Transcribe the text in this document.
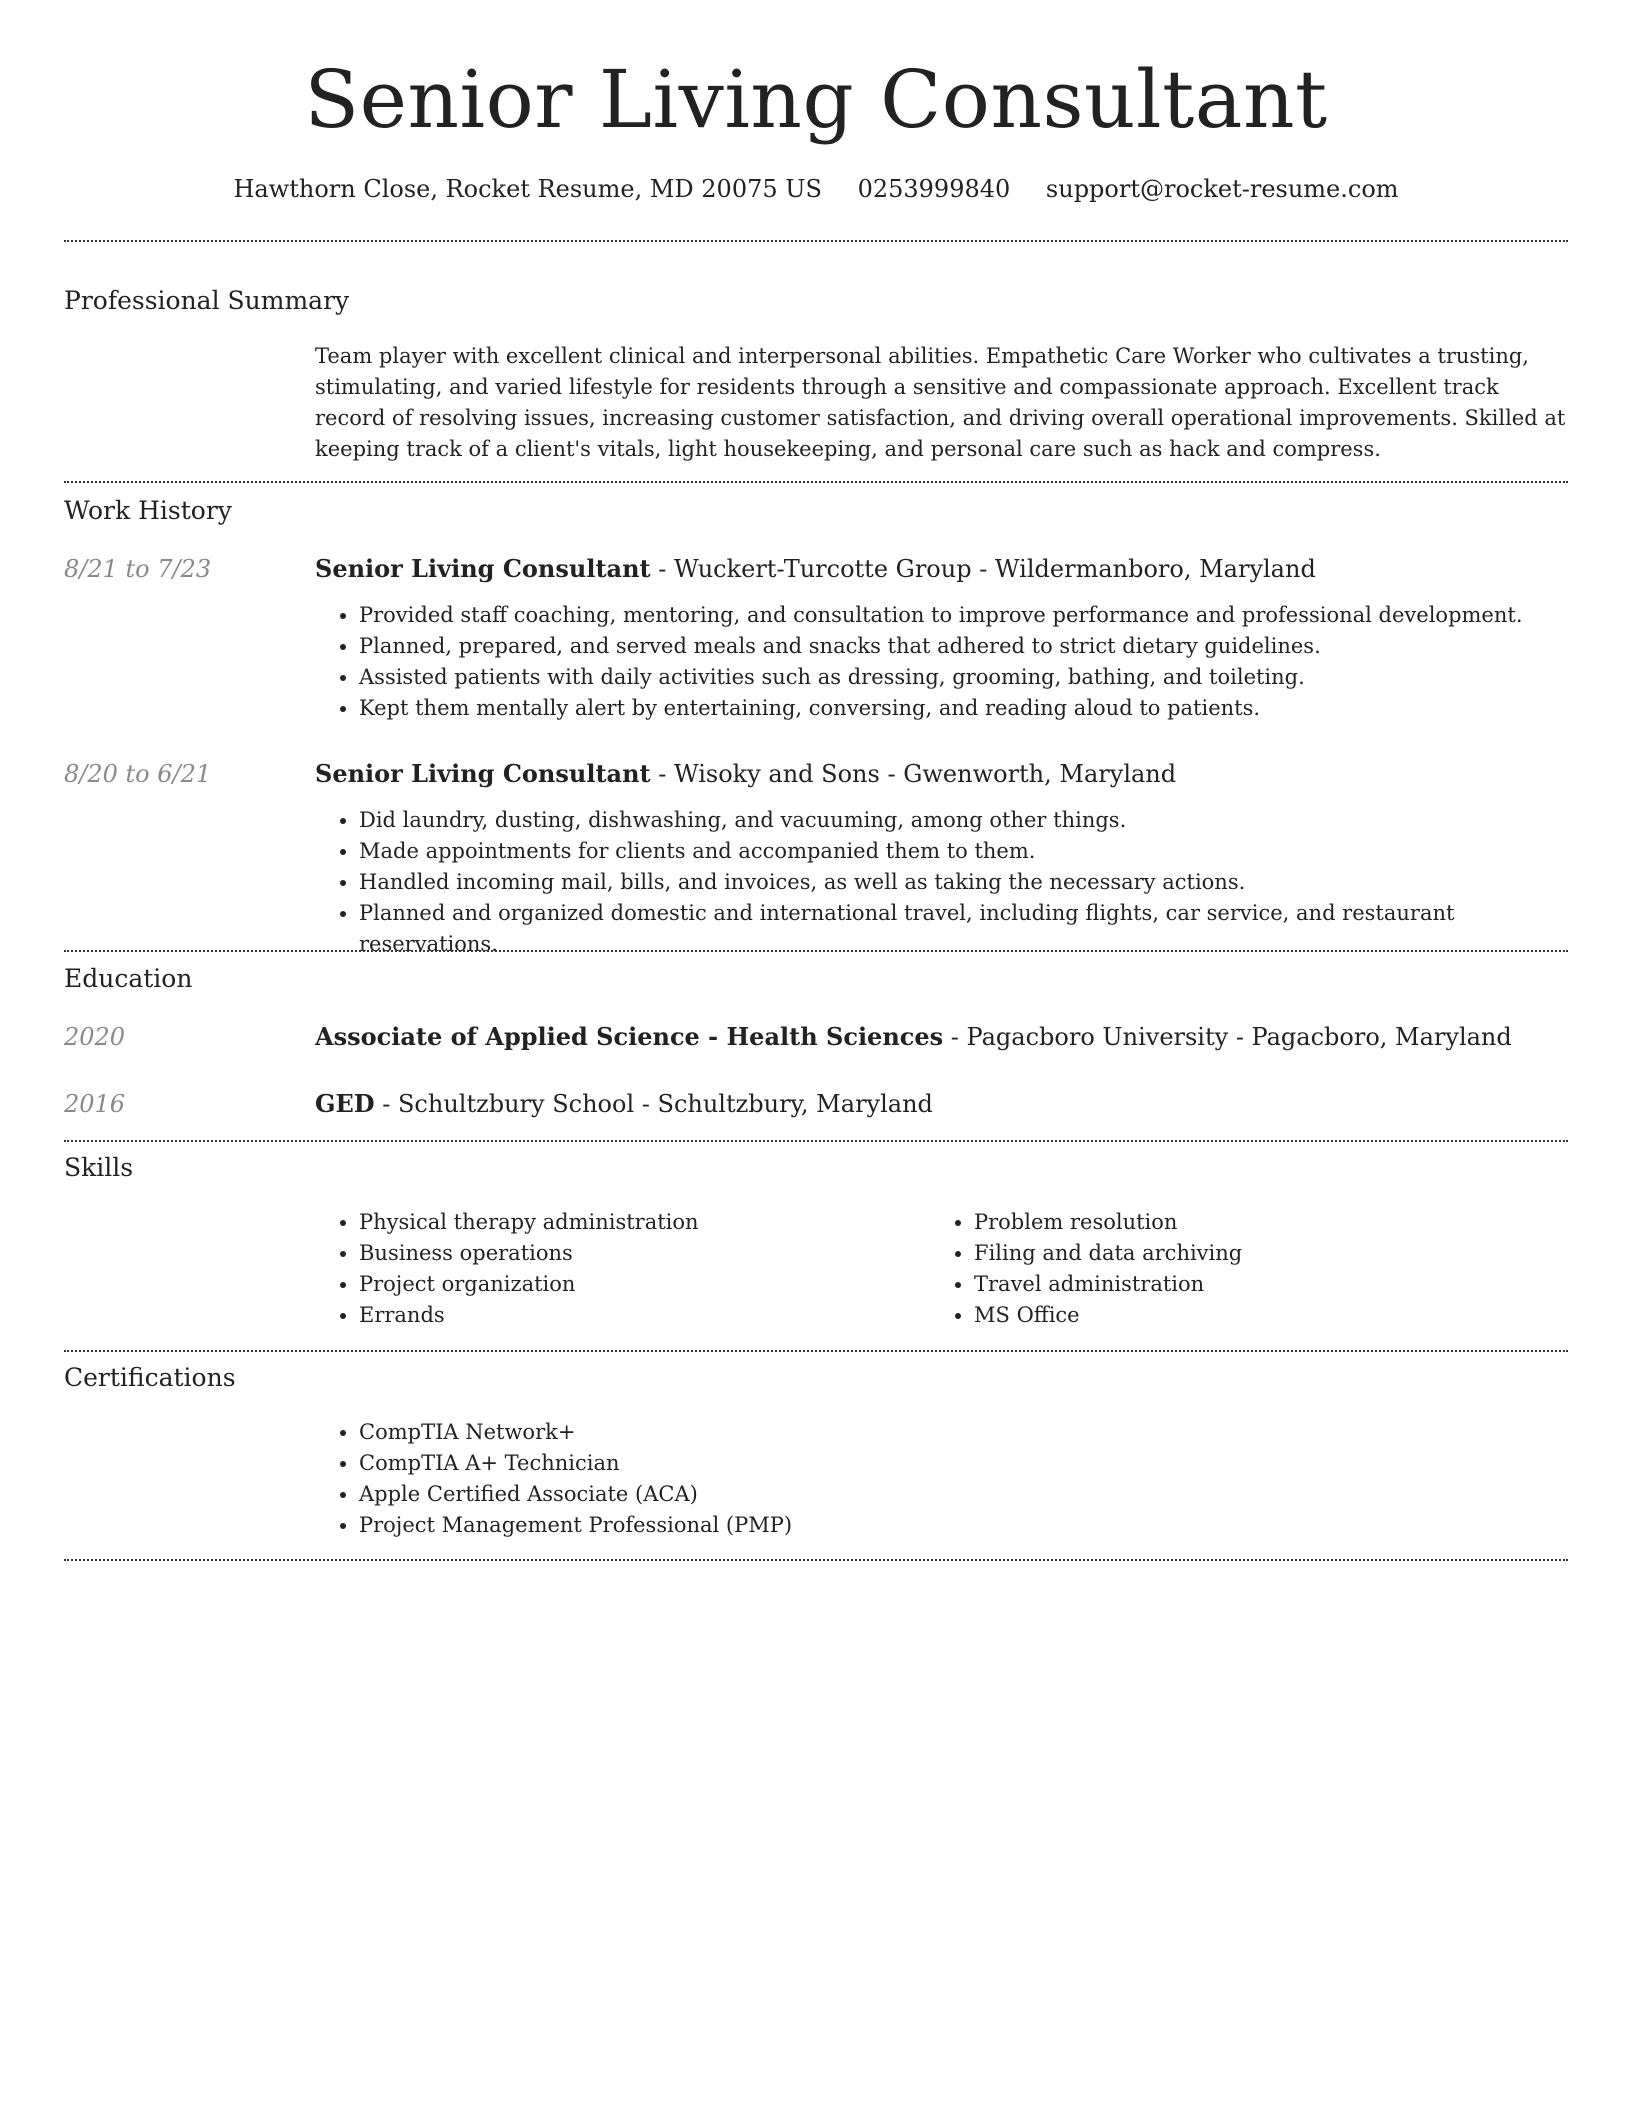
Senior Living Consultant
Hawthorn Close, Rocket Resume, MD 20075 US 0253999840 support@rocket-resume.com
Professional Summary

Team player with excellent clinical and interpersonal abilities. Empathetic Care Worker who cultivates a trusting, stimulating, and varied lifestyle for residents through a sensitive and compassionate approach. Excellent track record of resolving issues, increasing customer satisfaction, and driving overall operational improvements. Skilled at keeping track of a client's vitals, light housekeeping, and personal care such as hack and compress.

Work History
8/21 to 7/23	Senior Living Consultant - Wuckert-Turcotte Group - Wildermanboro, Maryland

• Provided staff coaching, mentoring, and consultation to improve performance and professional development.
• Planned, prepared, and served meals and snacks that adhered to strict dietary guidelines.
• Assisted patients with daily activities such as dressing, grooming, bathing, and toileting.
• Kept them mentally alert by entertaining, conversing, and reading aloud to patients.
8/20 to 6/21	Senior Living Consultant - Wisoky and Sons - Gwenworth, Maryland

• Did laundry, dusting, dishwashing, and vacuuming, among other things.
• Made appointments for clients and accompanied them to them.
• Handled incoming mail, bills, and invoices, as well as taking the necessary actions.
• Planned and organized domestic and international travel, including flights, car service, and restaurant reservations.
Education
2020	Associate of Applied Science - Health Sciences - Pagacboro University - Pagacboro, Maryland

2016	GED - Schultzbury School - Schultzbury, Maryland

Skills
• Physical therapy administration
• Business operations
• Project organization
• Errands
• Problem resolution
• Filing and data archiving
• Travel administration
• MS Office
Certifications
• CompTIA Network+
• CompTIA A+ Technician
• Apple Certified Associate (ACA)
• Project Management Professional (PMP)
